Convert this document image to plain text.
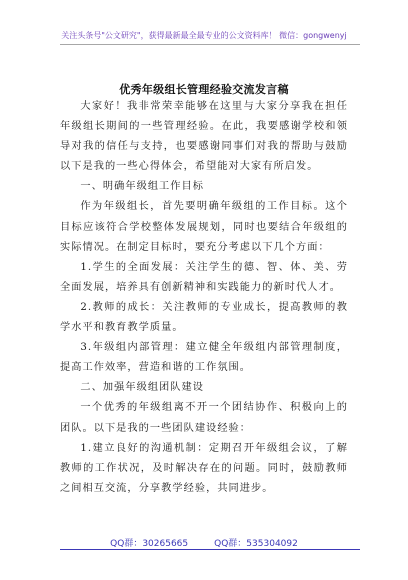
关注头条号"公文研究"，获得最新最全最专业的公文资料库！ 微信：gongwenyj
优秀年级组长管理经验交流发言稿

大家好！我非常荣幸能够在这里与大家分享我在担任年级组长期间的一些管理经验。在此，我要感谢学校和领导对我的信任与支持，也要感谢同事们对我的帮助与鼓励以下是我的一些心得体会，希望能对大家有所启发。

一、明确年级组工作目标

作为年级组长，首先要明确年级组的工作目标。这个目标应该符合学校整体发展规划，同时也要结合年级组的实际情况。在制定目标时，要充分考虑以下几个方面：

1.学生的全面发展：关注学生的德、智、体、美、劳全面发展，培养具有创新精神和实践能力的新时代人才。

2.教师的成长：关注教师的专业成长，提高教师的教学水平和教育教学质量。

3.年级组内部管理：建立健全年级组内部管理制度，提高工作效率，营造和谐的工作氛围。

二、加强年级组团队建设

一个优秀的年级组离不开一个团结协作、积极向上的团队。以下是我的一些团队建设经验：

1.建立良好的沟通机制：定期召开年级组会议，了解教师的工作状况，及时解决存在的问题。同时，鼓励教师之间相互交流，分享教学经验，共同进步。

QQ群：30265665	QQ群：535304092
